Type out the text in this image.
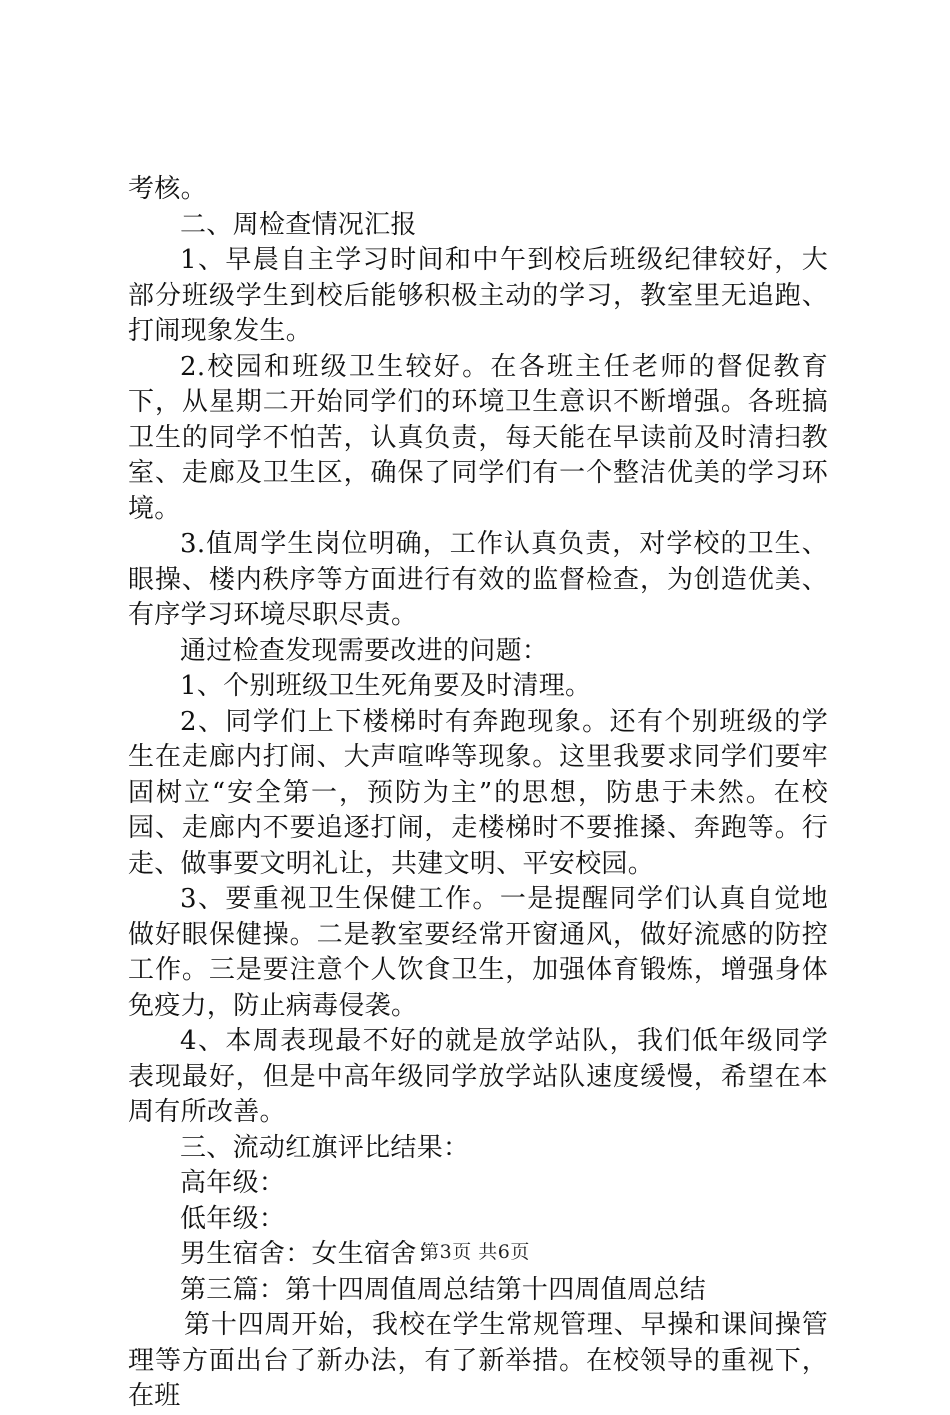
考核。

二、周检查情况汇报

1、早晨自主学习时间和中午到校后班级纪律较好，大部分班级学生到校后能够积极主动的学习，教室里无追跑、打闹现象发生。

2.校园和班级卫生较好。在各班主任老师的督促教育下，从星期二开始同学们的环境卫生意识不断增强。各班搞卫生的同学不怕苦，认真负责，每天能在早读前及时清扫教室、走廊及卫生区，确保了同学们有一个整洁优美的学习环境。

3.值周学生岗位明确，工作认真负责，对学校的卫生、眼操、楼内秩序等方面进行有效的监督检查，为创造优美、有序学习环境尽职尽责。

通过检查发现需要改进的问题：

1、个别班级卫生死角要及时清理。

2、同学们上下楼梯时有奔跑现象。还有个别班级的学生在走廊内打闹、大声喧哗等现象。这里我要求同学们要牢固树立“安全第一，预防为主”的思想，防患于未然。在校园、走廊内不要追逐打闹，走楼梯时不要推搡、奔跑等。行走、做事要文明礼让，共建文明、平安校园。

3、要重视卫生保健工作。一是提醒同学们认真自觉地做好眼保健操。二是教室要经常开窗通风，做好流感的防控工作。三是要注意个人饮食卫生，加强体育锻炼，增强身体免疫力，防止病毒侵袭。

4、本周表现最不好的就是放学站队，我们低年级同学表现最好，但是中高年级同学放学站队速度缓慢，希望在本周有所改善。

三、流动红旗评比结果：

高年级：

低年级：

男生宿舍：女生宿舍：

第三篇：第十四周值周总结第十四周值周总结

第十四周开始，我校在学生常规管理、早操和课间操管理等方面出台了新办法，有了新举措。在校领导的重视下，在班

第3页 共6页
